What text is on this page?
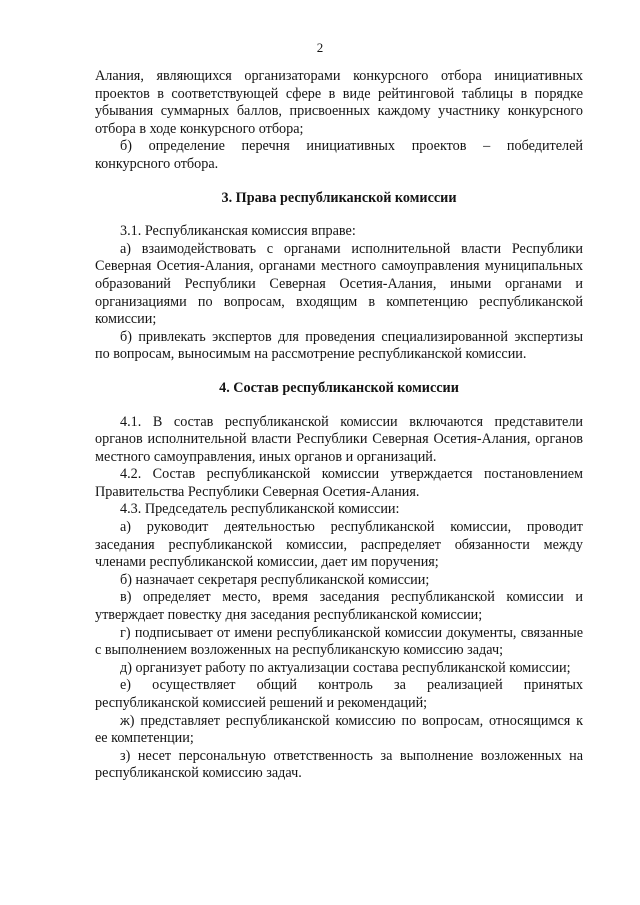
2

Алания, являющихся организаторами конкурсного отбора инициативных проектов в соответствующей сфере в виде рейтинговой таблицы в порядке убывания суммарных баллов, присвоенных каждому участнику конкурсного отбора в ходе конкурсного отбора;

б) определение перечня инициативных проектов – победителей конкурсного отбора.

3. Права республиканской комиссии

3.1. Республиканская комиссия вправе:

а) взаимодействовать с органами исполнительной власти Республики Северная Осетия-Алания, органами местного самоуправления муниципальных образований Республики Северная Осетия-Алания, иными органами и организациями по вопросам, входящим в компетенцию республиканской комиссии;

б) привлекать экспертов для проведения специализированной экспертизы по вопросам, выносимым на рассмотрение республиканской комиссии.

4. Состав республиканской комиссии

4.1. В состав республиканской комиссии включаются представители органов исполнительной власти Республики Северная Осетия-Алания, органов местного самоуправления, иных органов и организаций.

4.2. Состав республиканской комиссии утверждается постановлением Правительства Республики Северная Осетия-Алания.

4.3. Председатель республиканской комиссии:

а) руководит деятельностью республиканской комиссии, проводит заседания республиканской комиссии, распределяет обязанности между членами республиканской комиссии, дает им поручения;

б) назначает секретаря республиканской комиссии;

в) определяет место, время заседания республиканской комиссии и утверждает повестку дня заседания республиканской комиссии;

г) подписывает от имени республиканской комиссии документы, связанные с выполнением возложенных на республиканскую комиссию задач;

д) организует работу по актуализации состава республиканской комиссии;

е) осуществляет общий контроль за реализацией принятых республиканской комиссией решений и рекомендаций;

ж) представляет республиканской комиссию по вопросам, относящимся к ее компетенции;

з) несет персональную ответственность за выполнение возложенных на республиканской комиссию задач.
